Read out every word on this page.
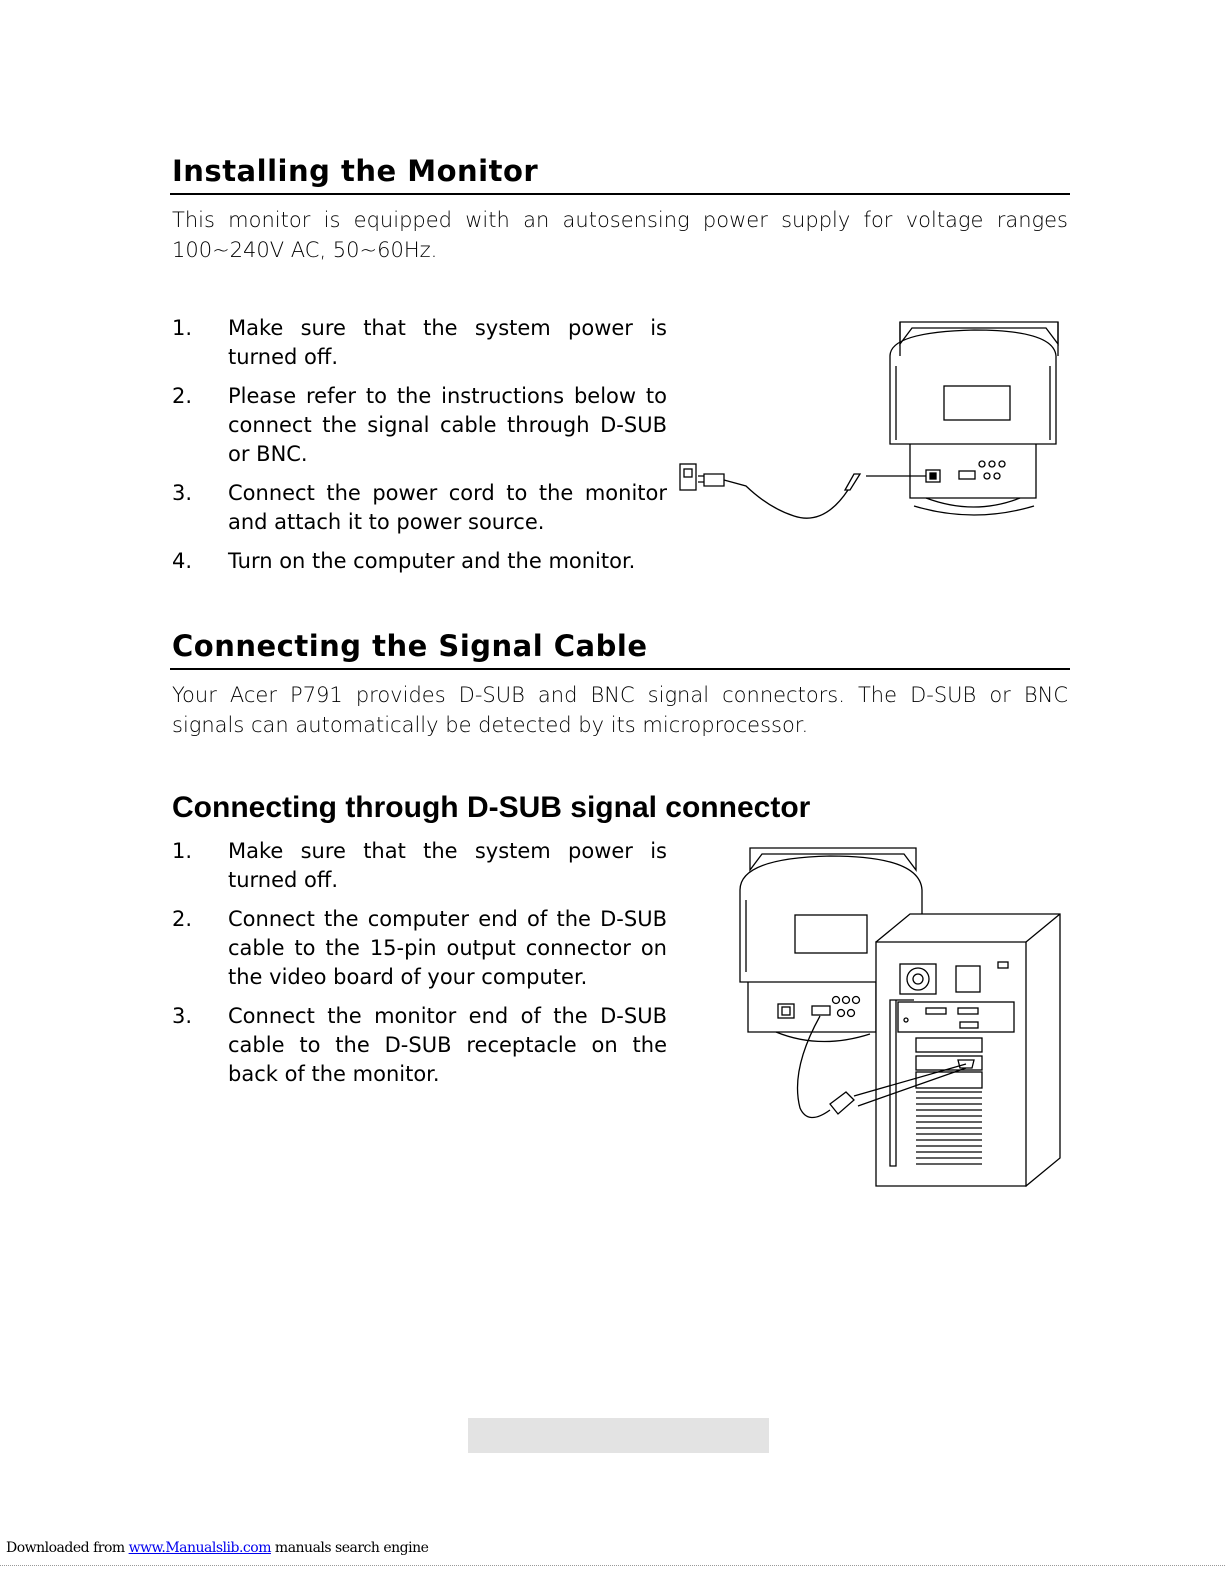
Installing the Monitor

This monitor is equipped with an autosensing power supply for voltage ranges 100~240V AC, 50~60Hz.

1. Make sure that the system power is turned off.
2. Please refer to the instructions below to connect the signal cable through D-SUB or BNC.
3. Connect the power cord to the monitor and attach it to power source.
4. Turn on the computer and the monitor.
Connecting the Signal Cable

Your Acer P791 provides D-SUB and BNC signal connectors. The D-SUB or BNC signals can automatically be detected by its microprocessor.

Connecting through D-SUB signal connector
1. Make sure that the system power is turned off.
2. Connect the computer end of the D-SUB cable to the 15-pin output connector on the video board of your computer.
3. Connect the monitor end of the D-SUB cable to the D-SUB receptacle on the back of the monitor.
Downloaded from www.Manualslib.com manuals search engine
